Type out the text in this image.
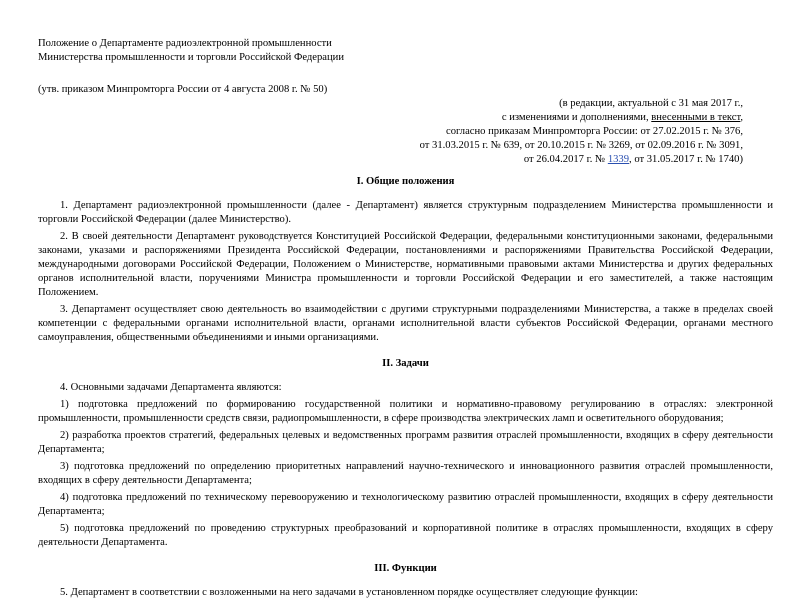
Положение о Департаменте радиоэлектронной промышленности
Министерства промышленности и торговли Российской Федерации
(утв. приказом Минпромторга России от 4 августа 2008 г. № 50)
(в редакции, актуальной с 31 мая 2017 г.,
с изменениями и дополнениями, внесенными в текст,
согласно приказам Минпромторга России: от 27.02.2015 г. № 376,
от 31.03.2015 г. № 639, от 20.10.2015 г. № 3269, от 02.09.2016 г. № 3091,
от 26.04.2017 г. № 1339, от 31.05.2017 г. № 1740)
I. Общие положения

1. Департамент радиоэлектронной промышленности (далее - Департамент) является структурным подразделением Министерства промышленности и торговли Российской Федерации (далее Министерство).

2. В своей деятельности Департамент руководствуется Конституцией Российской Федерации, федеральными конституционными законами, федеральными законами, указами и распоряжениями Президента Российской Федерации, постановлениями и распоряжениями Правительства Российской Федерации, международными договорами Российской Федерации, Положением о Министерстве, нормативными правовыми актами Министерства и других федеральных органов исполнительной власти, поручениями Министра промышленности и торговли Российской Федерации и его заместителей, а также настоящим Положением.

3. Департамент осуществляет свою деятельность во взаимодействии с другими структурными подразделениями Министерства, а также в пределах своей компетенции с федеральными органами исполнительной власти, органами исполнительной власти субъектов Российской Федерации, органами местного самоуправления, общественными объединениями и иными организациями.

II. Задачи

4. Основными задачами Департамента являются:

1) подготовка предложений по формированию государственной политики и нормативно-правовому регулированию в отраслях: электронной промышленности, промышленности средств связи, радиопромышленности, в сфере производства электрических ламп и осветительного оборудования;

2) разработка проектов стратегий, федеральных целевых и ведомственных программ развития отраслей промышленности, входящих в сферу деятельности Департамента;

3) подготовка предложений по определению приоритетных направлений научно-технического и инновационного развития отраслей промышленности, входящих в сферу деятельности Департамента;

4) подготовка предложений по техническому перевооружению и технологическому развитию отраслей промышленности, входящих в сферу деятельности Департамента;

5) подготовка предложений по проведению структурных преобразований и корпоративной политике в отраслях промышленности, входящих в сферу деятельности Департамента.

III. Функции

5. Департамент в соответствии с возложенными на него задачами в установленном порядке осуществляет следующие функции:
